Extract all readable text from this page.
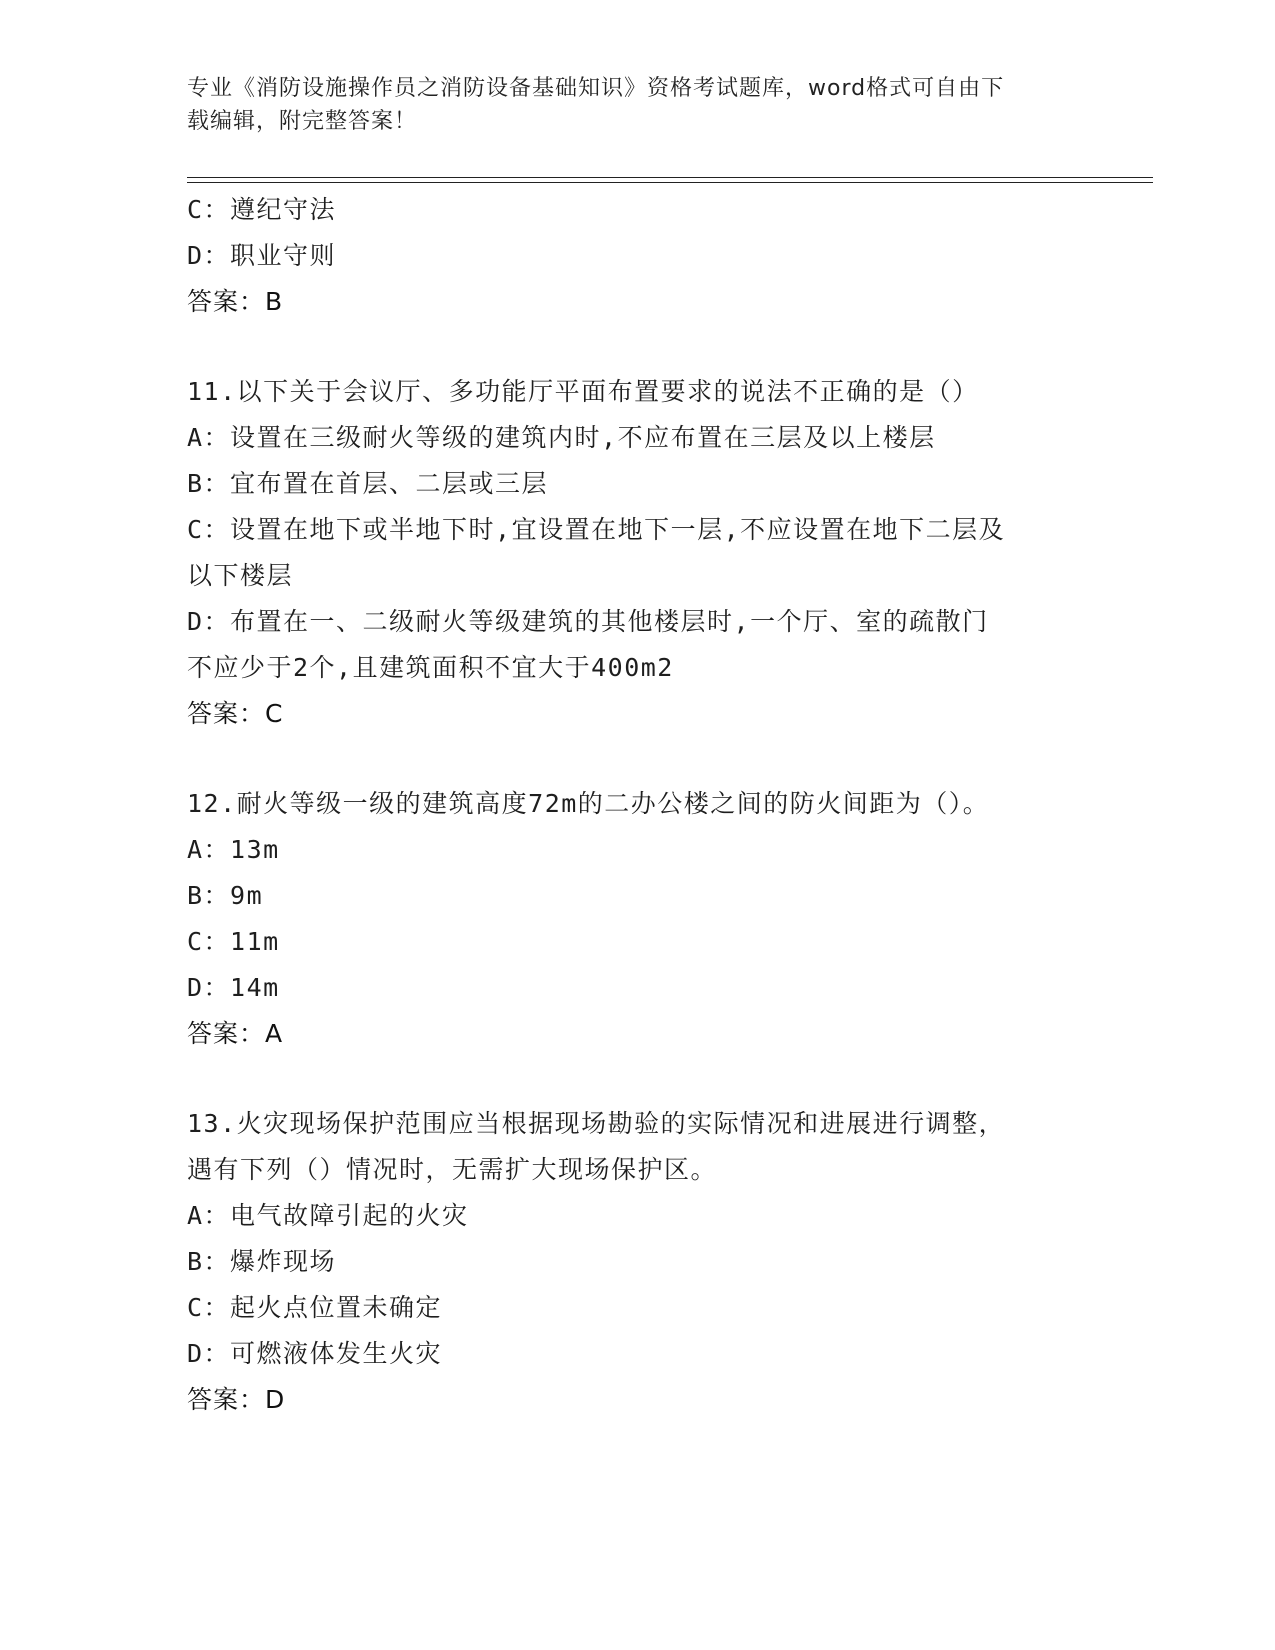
专业《消防设施操作员之消防设备基础知识》资格考试题库，word格式可自由下
载编辑，附完整答案！
C：遵纪守法
D：职业守则
答案：B
11.以下关于会议厅、多功能厅平面布置要求的说法不正确的是（）
A：设置在三级耐火等级的建筑内时,不应布置在三层及以上楼层
B：宜布置在首层、二层或三层
C：设置在地下或半地下时,宜设置在地下一层,不应设置在地下二层及
以下楼层
D：布置在一、二级耐火等级建筑的其他楼层时,一个厅、室的疏散门
不应少于2个,且建筑面积不宜大于400m2
答案：C
12.耐火等级一级的建筑高度72m的二办公楼之间的防火间距为（）。
A：13m
B：9m
C：11m
D：14m
答案：A
13.火灾现场保护范围应当根据现场勘验的实际情况和进展进行调整，
遇有下列（）情况时，无需扩大现场保护区。
A：电气故障引起的火灾
B：爆炸现场
C：起火点位置未确定
D：可燃液体发生火灾
答案：D
